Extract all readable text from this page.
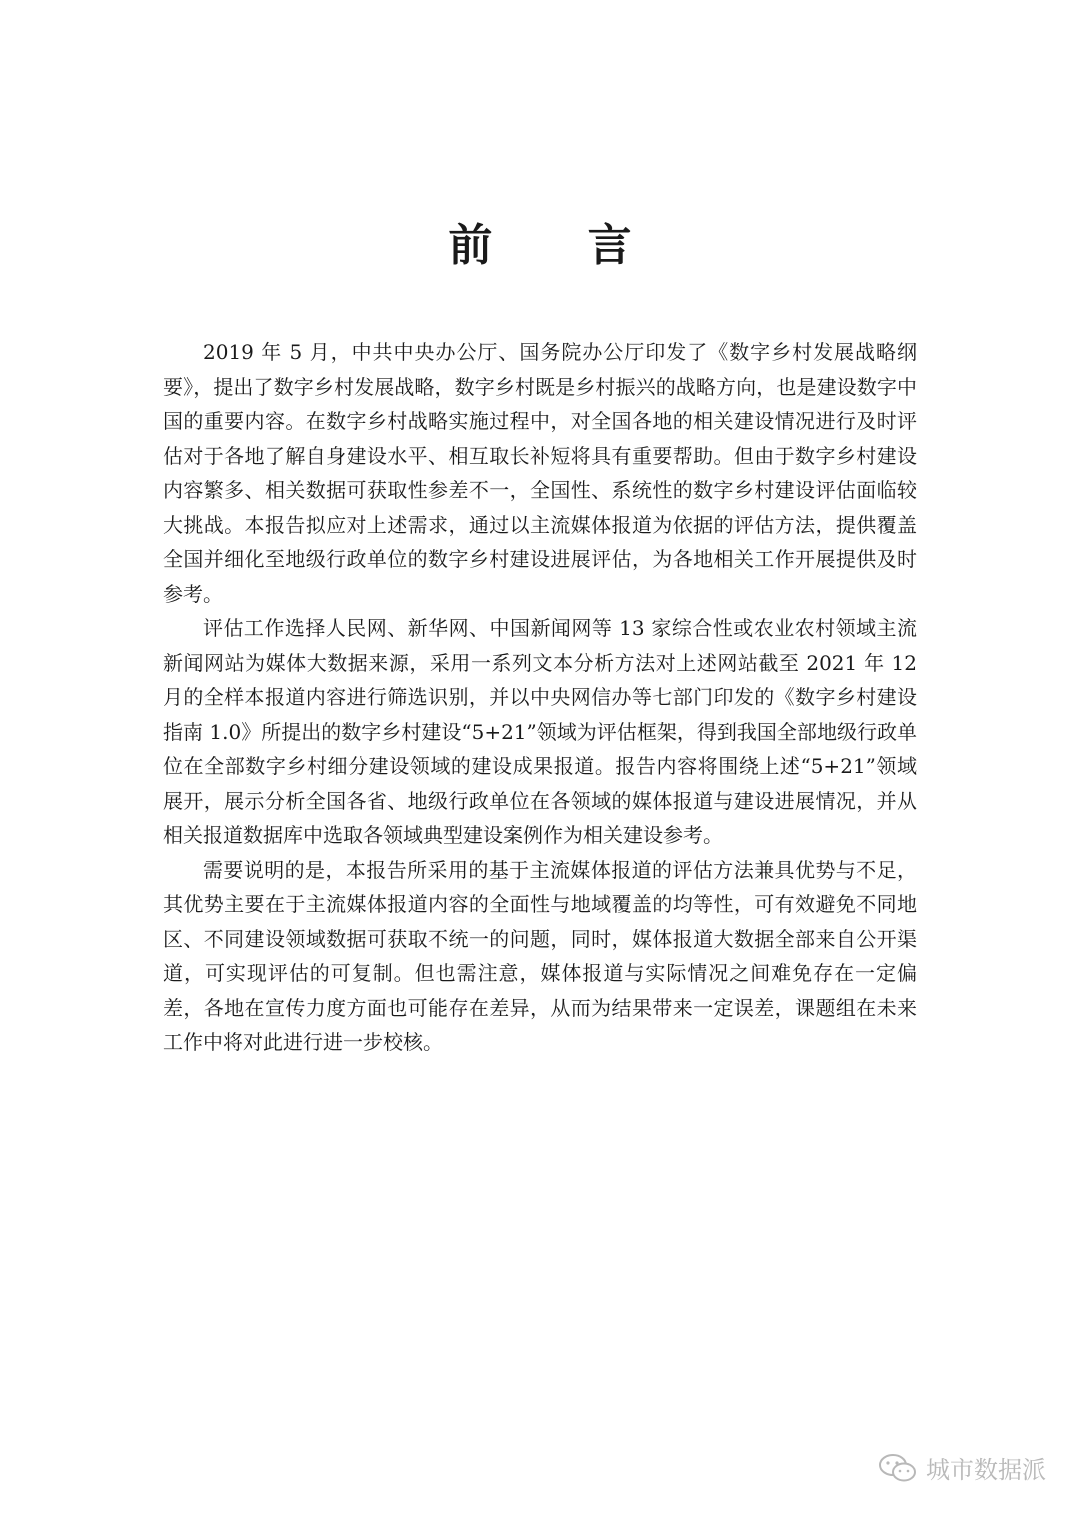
前 言

2019 年 5 月，中共中央办公厅、国务院办公厅印发了《数字乡村发展战略纲要》，提出了数字乡村发展战略，数字乡村既是乡村振兴的战略方向，也是建设数字中国的重要内容。在数字乡村战略实施过程中，对全国各地的相关建设情况进行及时评估对于各地了解自身建设水平、相互取长补短将具有重要帮助。但由于数字乡村建设内容繁多、相关数据可获取性参差不一，全国性、系统性的数字乡村建设评估面临较大挑战。本报告拟应对上述需求，通过以主流媒体报道为依据的评估方法，提供覆盖全国并细化至地级行政单位的数字乡村建设进展评估，为各地相关工作开展提供及时参考。

评估工作选择人民网、新华网、中国新闻网等 13 家综合性或农业农村领域主流新闻网站为媒体大数据来源，采用一系列文本分析方法对上述网站截至 2021 年 12 月的全样本报道内容进行筛选识别，并以中央网信办等七部门印发的《数字乡村建设指南 1.0》所提出的数字乡村建设“5+21”领域为评估框架，得到我国全部地级行政单位在全部数字乡村细分建设领域的建设成果报道。报告内容将围绕上述“5+21”领域展开，展示分析全国各省、地级行政单位在各领域的媒体报道与建设进展情况，并从相关报道数据库中选取各领域典型建设案例作为相关建设参考。

需要说明的是，本报告所采用的基于主流媒体报道的评估方法兼具优势与不足，其优势主要在于主流媒体报道内容的全面性与地域覆盖的均等性，可有效避免不同地区、不同建设领域数据可获取不统一的问题，同时，媒体报道大数据全部来自公开渠道，可实现评估的可复制。但也需注意，媒体报道与实际情况之间难免存在一定偏差，各地在宣传力度方面也可能存在差异，从而为结果带来一定误差，课题组在未来工作中将对此进行进一步校核。

城市数据派
